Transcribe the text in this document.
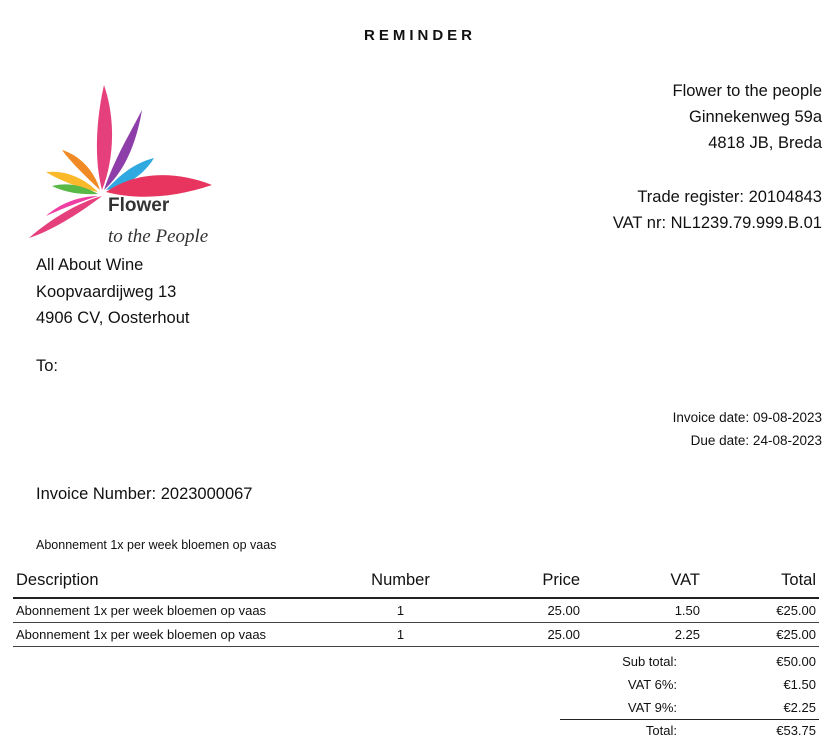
REMINDER
Flower
to the People
Flower to the people
Ginnekenweg 59a
4818 JB, Breda
Trade register: 20104843
VAT nr: NL1239.79.999.B.01
All About Wine
Koopvaardijweg 13
4906 CV, Oosterhout
To:
Invoice date: 09-08-2023
Due date: 24-08-2023
Invoice Number: 2023000067
Abonnement 1x per week bloemen op vaas
Description	Number	Price	VAT	Total
Abonnement 1x per week bloemen op vaas	1	25.00	1.50	€25.00
Abonnement 1x per week bloemen op vaas	1	25.00	2.25	€25.00
Sub total:	€50.00
VAT 6%:	€1.50
VAT 9%:	€2.25
Total:	€53.75
